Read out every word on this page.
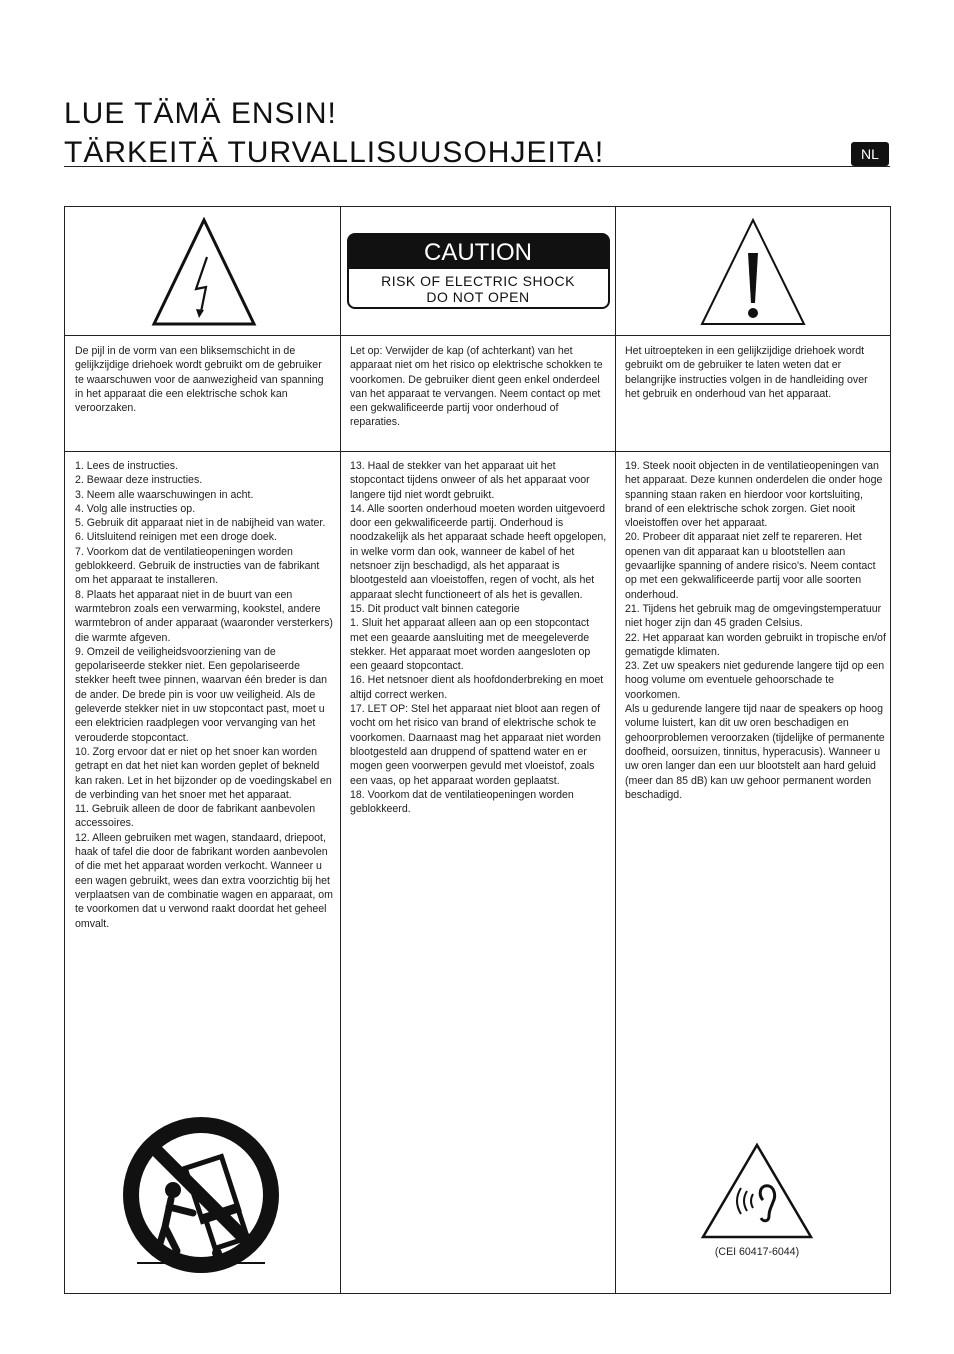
LUE TÄMÄ ENSIN!
TÄRKEITÄ TURVALLISUUSOHJEITA!	NL
CAUTION
RISK OF ELECTRIC SHOCK
DO NOT OPEN
De pijl in de vorm van een bliksemschicht in de gelijkzijdige driehoek wordt gebruikt om de gebruiker te waarschuwen voor de aanwezigheid van spanning in het apparaat die een elektrische schok kan veroorzaken.
Let op: Verwijder de kap (of achterkant) van het apparaat niet om het risico op elektrische schokken te voorkomen. De gebruiker dient geen enkel onderdeel van het apparaat te vervangen. Neem contact op met een gekwalificeerde partij voor onderhoud of reparaties.
Het uitroepteken in een gelijkzijdige driehoek wordt gebruikt om de gebruiker te laten weten dat er belangrijke instructies volgen in de handleiding over het gebruik en onderhoud van het apparaat.

1. Lees de instructies.

2. Bewaar deze instructies.

3. Neem alle waarschuwingen in acht.

4. Volg alle instructies op.

5. Gebruik dit apparaat niet in de nabijheid van water.

6. Uitsluitend reinigen met een droge doek.

7. Voorkom dat de ventilatieopeningen worden geblokkeerd. Gebruik de instructies van de fabrikant om het apparaat te installeren.

8. Plaats het apparaat niet in de buurt van een warmtebron zoals een verwarming, kookstel, andere warmtebron of ander apparaat (waaronder versterkers) die warmte afgeven.

9. Omzeil de veiligheidsvoorziening van de gepolariseerde stekker niet. Een gepolariseerde stekker heeft twee pinnen, waarvan één breder is dan de ander. De brede pin is voor uw veiligheid. Als de geleverde stekker niet in uw stopcontact past, moet u een elektricien raadplegen voor vervanging van het verouderde stopcontact.

10. Zorg ervoor dat er niet op het snoer kan worden getrapt en dat het niet kan worden geplet of bekneld kan raken. Let in het bijzonder op de voedingskabel en de verbinding van het snoer met het apparaat.

11. Gebruik alleen de door de fabrikant aanbevolen accessoires.

12. Alleen gebruiken met wagen, standaard, driepoot, haak of tafel die door de fabrikant worden aanbevolen of die met het apparaat worden verkocht. Wanneer u een wagen gebruikt, wees dan extra voorzichtig bij het verplaatsen van de combinatie wagen en apparaat, om te voorkomen dat u verwond raakt doordat het geheel omvalt.

13. Haal de stekker van het apparaat uit het stopcontact tijdens onweer of als het apparaat voor langere tijd niet wordt gebruikt.

14. Alle soorten onderhoud moeten worden uitgevoerd door een gekwalificeerde partij. Onderhoud is noodzakelijk als het apparaat schade heeft opgelopen, in welke vorm dan ook, wanneer de kabel of het netsnoer zijn beschadigd, als het apparaat is blootgesteld aan vloeistoffen, regen of vocht, als het apparaat slecht functioneert of als het is gevallen.

15. Dit product valt binnen categorie

1. Sluit het apparaat alleen aan op een stopcontact met een geaarde aansluiting met de meegeleverde stekker. Het apparaat moet worden aangesloten op een geaard stopcontact.

16. Het netsnoer dient als hoofdonderbreking en moet altijd correct werken.

17. LET OP: Stel het apparaat niet bloot aan regen of vocht om het risico van brand of elektrische schok te voorkomen. Daarnaast mag het apparaat niet worden blootgesteld aan druppend of spattend water en er mogen geen voorwerpen gevuld met vloeistof, zoals een vaas, op het apparaat worden geplaatst.

18. Voorkom dat de ventilatieopeningen worden geblokkeerd.

19. Steek nooit objecten in de ventilatieopeningen van het apparaat. Deze kunnen onderdelen die onder hoge spanning staan raken en hierdoor voor kortsluiting, brand of een elektrische schok zorgen. Giet nooit vloeistoffen over het apparaat.

20. Probeer dit apparaat niet zelf te repareren. Het openen van dit apparaat kan u blootstellen aan gevaarlijke spanning of andere risico's. Neem contact op met een gekwalificeerde partij voor alle soorten onderhoud.

21. Tijdens het gebruik mag de omgevingstemperatuur niet hoger zijn dan 45 graden Celsius.

22. Het apparaat kan worden gebruikt in tropische en/of gematigde klimaten.

23. Zet uw speakers niet gedurende langere tijd op een hoog volume om eventuele gehoorschade te voorkomen.

Als u gedurende langere tijd naar de speakers op hoog volume luistert, kan dit uw oren beschadigen en gehoorproblemen veroorzaken (tijdelijke of permanente doofheid, oorsuizen, tinnitus, hyperacusis). Wanneer u uw oren langer dan een uur blootstelt aan hard geluid (meer dan 85 dB) kan uw gehoor permanent worden beschadigd.

(CEI 60417-6044)
